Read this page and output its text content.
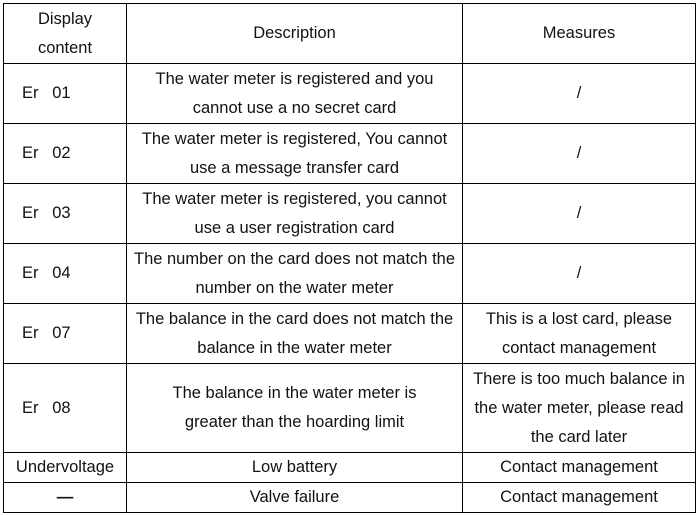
Display content	Description	Measures
Er   01	The water meter is registered and you cannot use a no secret card	/
Er   02	The water meter is registered, You cannot use a message transfer card	/
Er   03	The water meter is registered, you cannot use a user registration card	/
Er   04	The number on the card does not match the number on the water meter	/
Er   07	The balance in the card does not match the balance in the water meter	This is a lost card, please contact management
Er   08	The balance in the water meter is greater than the hoarding limit	There is too much balance in the water meter, please read the card later
Undervoltage	Low battery	Contact management
—	Valve failure	Contact management
